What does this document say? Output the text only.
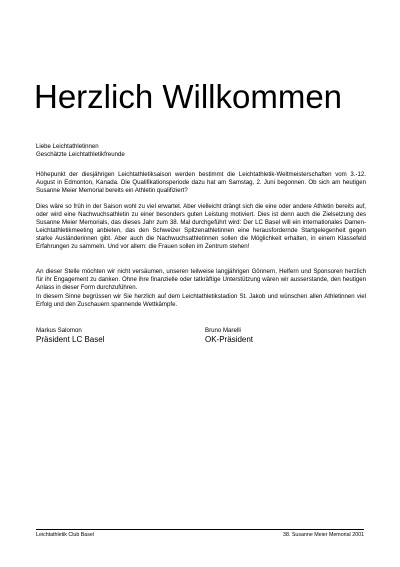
Herzlich Willkommen
Liebe Leichtathletinnen
Geschätzte Leichtathletikfreunde

Höhepunkt der diesjährigen Leichtathletiksaison werden bestimmt die Leichtathletik-Weltmeisterschaften vom 3.-12. August in Edmonton, Kanada. Die Qualifikationsperiode dazu hat am Samstag, 2. Juni begonnen. Ob sich am heutigen Susanne Meier Memorial bereits ein Athletin qualifiziert?

Dies wäre so früh in der Saison wohl zu viel erwartet. Aber vielleicht drängt sich die eine oder andere Athletin bereits auf, oder wird eine Nachwuchsathletin zu einer besonders guten Leistung motiviert. Dies ist denn auch die Zielsetzung des Susanne Meier Memorials, das dieses Jahr zum 38. Mal durchgeführt wird: Der LC Basel will ein internationales Damen-Leichtathletikmeeting anbieten, das den Schweizer Spitzenathletinnen eine herausfordernde Startgelegenheit gegen starke Ausländerinnen gibt. Aber auch die Nachwuchsathletinnen sollen die Möglichkeit erhalten, in einem Klassefeld Erfahrungen zu sammeln. Und vor allem: die Frauen sollen im Zentrum stehen!

An dieser Stelle möchten wir nicht versäumen, unseren teilweise langjährigen Gönnern, Helfern und Sponsoren herzlich für ihr Engagement zu danken. Ohne ihre finanzielle oder tatkräftige Unterstützung wären wir ausserstande, den heutigen Anlass in dieser Form durchzuführen.

In diesem Sinne begrüssen wir Sie herzlich auf dem Leichtathletikstadion St. Jakob und wünschen allen Athletinnen viel Erfolg und den Zuschauern spannende Wettkämpfe.

Markus Salomon
Präsident LC Basel
Bruno Marelli
OK-Präsident
Leichtathletik Club Basel	38. Susanne Meier Memorial 2001
